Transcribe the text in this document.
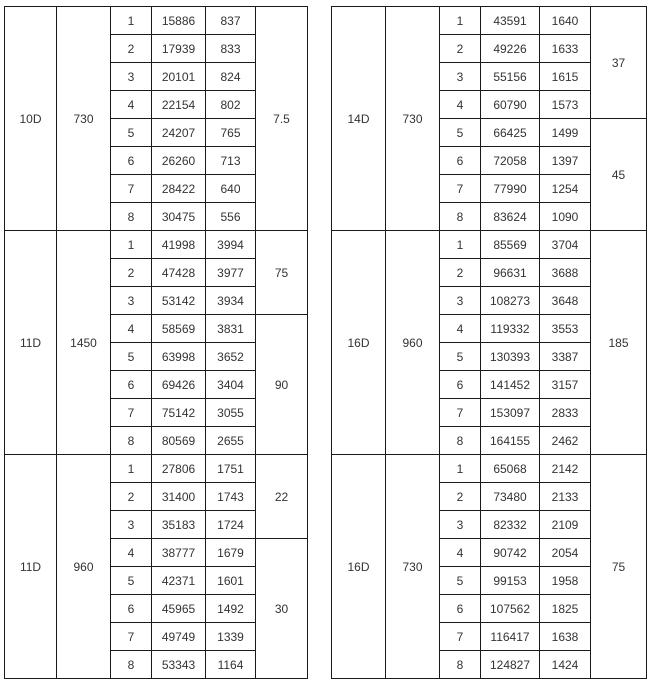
10D	730	1	15886	837	7.5
		2	17939	833	
		3	20101	824	
		4	22154	802	
		5	24207	765	
		6	26260	713	
		7	28422	640	
		8	30475	556	
11D	1450	1	41998	3994	75
		2	47428	3977	
		3	53142	3934	
		4	58569	3831	90
		5	63998	3652	
		6	69426	3404	
		7	75142	3055	
		8	80569	2655	
11D	960	1	27806	1751	22
		2	31400	1743	
		3	35183	1724	
		4	38777	1679	30
		5	42371	1601	
		6	45965	1492	
		7	49749	1339	
		8	53343	1164	
14D	730	1	43591	1640	37
		2	49226	1633	
		3	55156	1615	
		4	60790	1573	
		5	66425	1499	45
		6	72058	1397	
		7	77990	1254	
		8	83624	1090	
16D	960	1	85569	3704	185
		2	96631	3688	
		3	108273	3648	
		4	119332	3553	
		5	130393	3387	
		6	141452	3157	
		7	153097	2833	
		8	164155	2462	
16D	730	1	65068	2142	75
		2	73480	2133	
		3	82332	2109	
		4	90742	2054	
		5	99153	1958	
		6	107562	1825	
		7	116417	1638	
		8	124827	1424	
